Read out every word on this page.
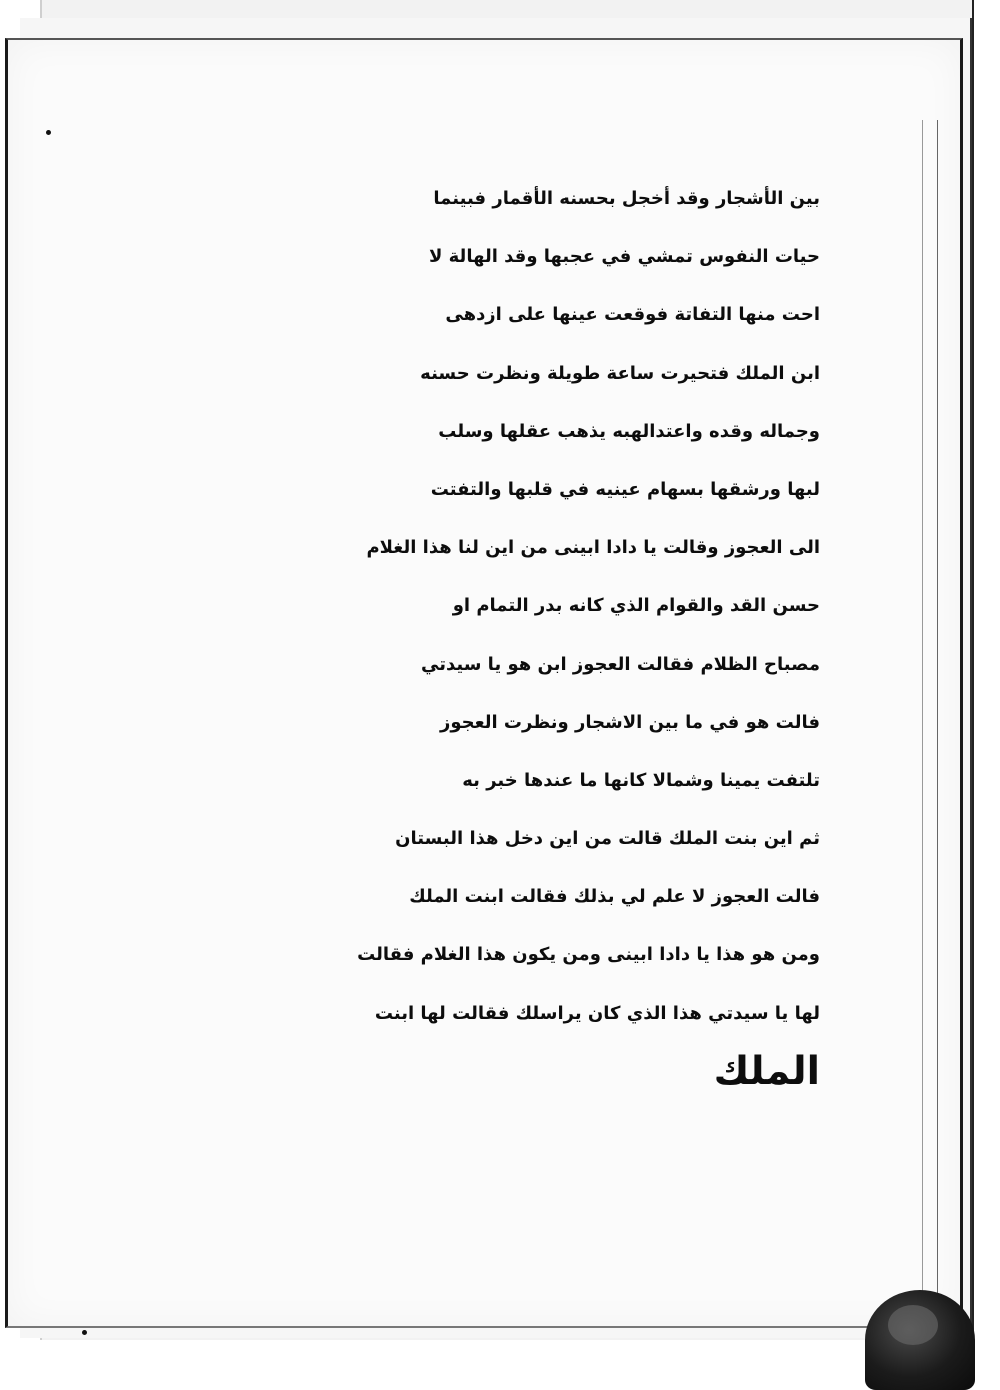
بين الأشجار وقد أخجل بحسنه الأقمار فبينما
حيات النفوس تمشي في عجبها وقد الهالة لا
احت منها التفاتة فوقعت عينها على ازدهى
ابن الملك فتحيرت ساعة طويلة ونظرت حسنه
وجماله وقده واعتدالهبه يذهب عقلها وسلب
لبها ورشقها بسهام عينيه في قلبها والتفتت
الى العجوز وقالت يا دادا ابينى من اين لنا هذا الغلام
حسن القد والقوام الذي كانه بدر التمام او
مصباح الظلام فقالت العجوز ابن هو يا سيدتي
فالت هو في ما بين الاشجار ونظرت العجوز
تلتفت يمينا وشمالا كانها ما عندها خبر به
ثم اين بنت الملك قالت من اين دخل هذا البستان
فالت العجوز لا علم لي بذلك فقالت ابنت الملك
ومن هو هذا يا دادا ابينى ومن يكون هذا الغلام فقالت
لها يا سيدتي هذا الذي كان يراسلك فقالت لها ابنت
الملك
